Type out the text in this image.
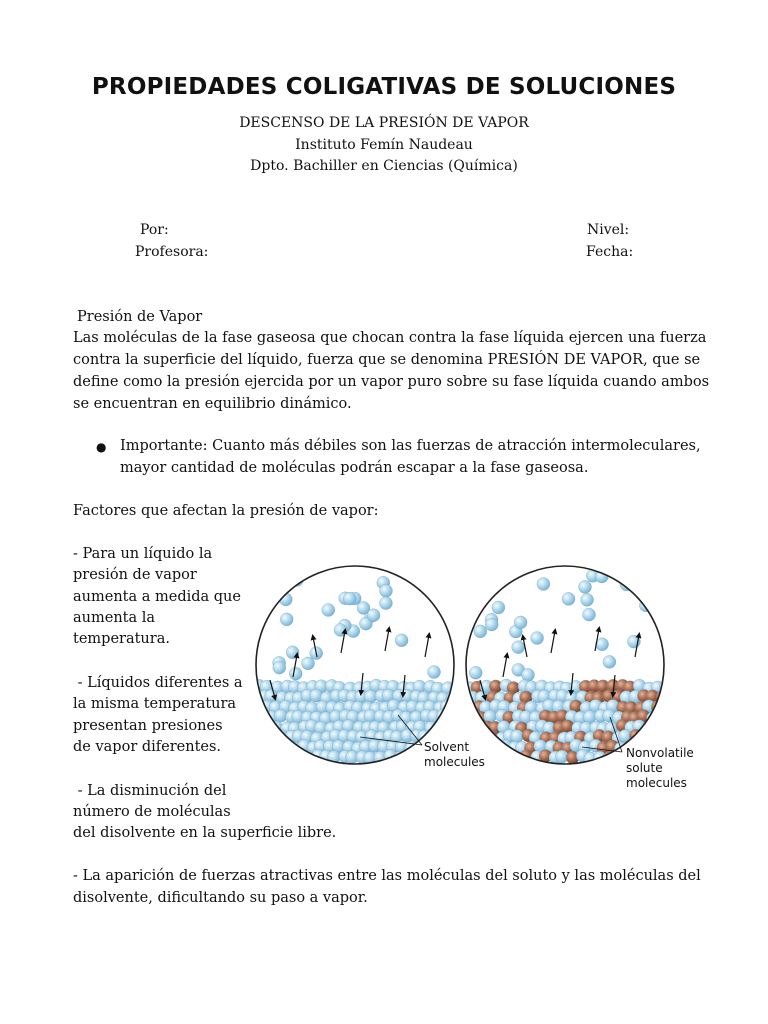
PROPIEDADES COLIGATIVAS DE SOLUCIONES

DESCENSO DE LA PRESIÓN DE VAPOR

Instituto Femín Naudeau

Dpto. Bachiller en Ciencias (Química)

Por:

Profesora:

Nivel:

Fecha:

Presión de Vapor

Las moléculas de la fase gaseosa que chocan contra la fase líquida ejercen una fuerza

contra la superficie del líquido, fuerza que se denomina PRESIÓN DE VAPOR, que se

define como la presión ejercida por un vapor puro sobre su fase líquida cuando ambos

se encuentran en equilibrio dinámico.

● Importante: Cuanto más débiles son las fuerzas de atracción intermoleculares,

mayor cantidad de moléculas podrán escapar a la fase gaseosa.

Factores que afectan la presión de vapor:

- Para un líquido la

presión de vapor

aumenta a medida que

aumenta la

temperatura.

- Líquidos diferentes a

la misma temperatura

presentan presiones

de vapor diferentes.

- La disminución del

número de moléculas

del disolvente en la superficie libre.

- La aparición de fuerzas atractivas entre las moléculas del soluto y las moléculas del

disolvente, dificultando su paso a vapor.

Solvent
molecules
Nonvolatile
solute
molecules
